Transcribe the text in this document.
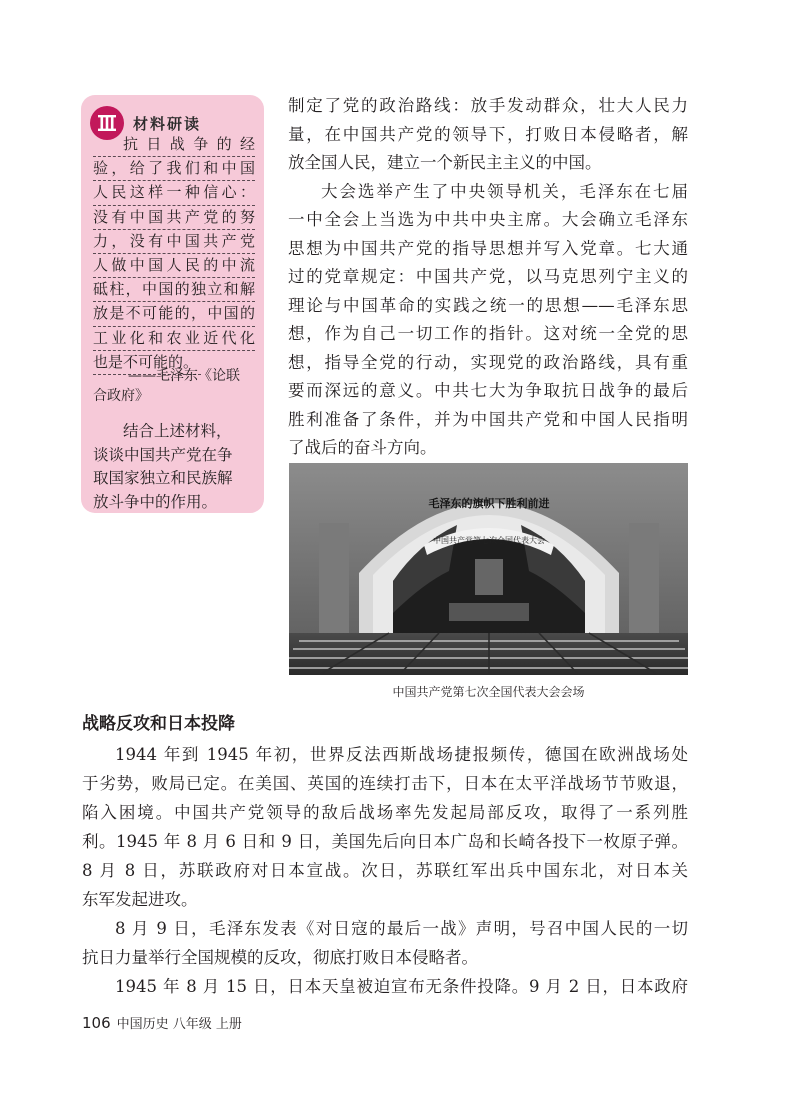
材料研读
抗日战争的经
验，给了我们和中国
人民这样一种信心：
没有中国共产党的努
力，没有中国共产党
人做中国人民的中流
砥柱，中国的独立和解
放是不可能的，中国的
工业化和农业近代化
也是不可能的。
——毛泽东《论联
合政府》
结合上述材料，
谈谈中国共产党在争
取国家独立和民族解
放斗争中的作用。
制定了党的政治路线：放手发动群众，壮大人民力
量，在中国共产党的领导下，打败日本侵略者，解
放全国人民，建立一个新民主主义的中国。
大会选举产生了中央领导机关，毛泽东在七届
一中全会上当选为中共中央主席。大会确立毛泽东
思想为中国共产党的指导思想并写入党章。七大通
过的党章规定：中国共产党，以马克思列宁主义的
理论与中国革命的实践之统一的思想——毛泽东思
想，作为自己一切工作的指针。这对统一全党的思
想，指导全党的行动，实现党的政治路线，具有重
要而深远的意义。中共七大为争取抗日战争的最后
胜利准备了条件，并为中国共产党和中国人民指明
了战后的奋斗方向。
中国共产党第七次全国代表大会
毛泽东的旗帜下胜利前进
中国共产党第七次全国代表大会会场
战略反攻和日本投降
1944 年到 1945 年初，世界反法西斯战场捷报频传，德国在欧洲战场处
于劣势，败局已定。在美国、英国的连续打击下，日本在太平洋战场节节败退，
陷入困境。中国共产党领导的敌后战场率先发起局部反攻，取得了一系列胜
利。1945 年 8 月 6 日和 9 日，美国先后向日本广岛和长崎各投下一枚原子弹。
8 月 8 日，苏联政府对日本宣战。次日，苏联红军出兵中国东北，对日本关
东军发起进攻。
8 月 9 日，毛泽东发表《对日寇的最后一战》声明，号召中国人民的一切
抗日力量举行全国规模的反攻，彻底打败日本侵略者。
1945 年 8 月 15 日，日本天皇被迫宣布无条件投降。9 月 2 日，日本政府
106 中国历史 八年级 上册
